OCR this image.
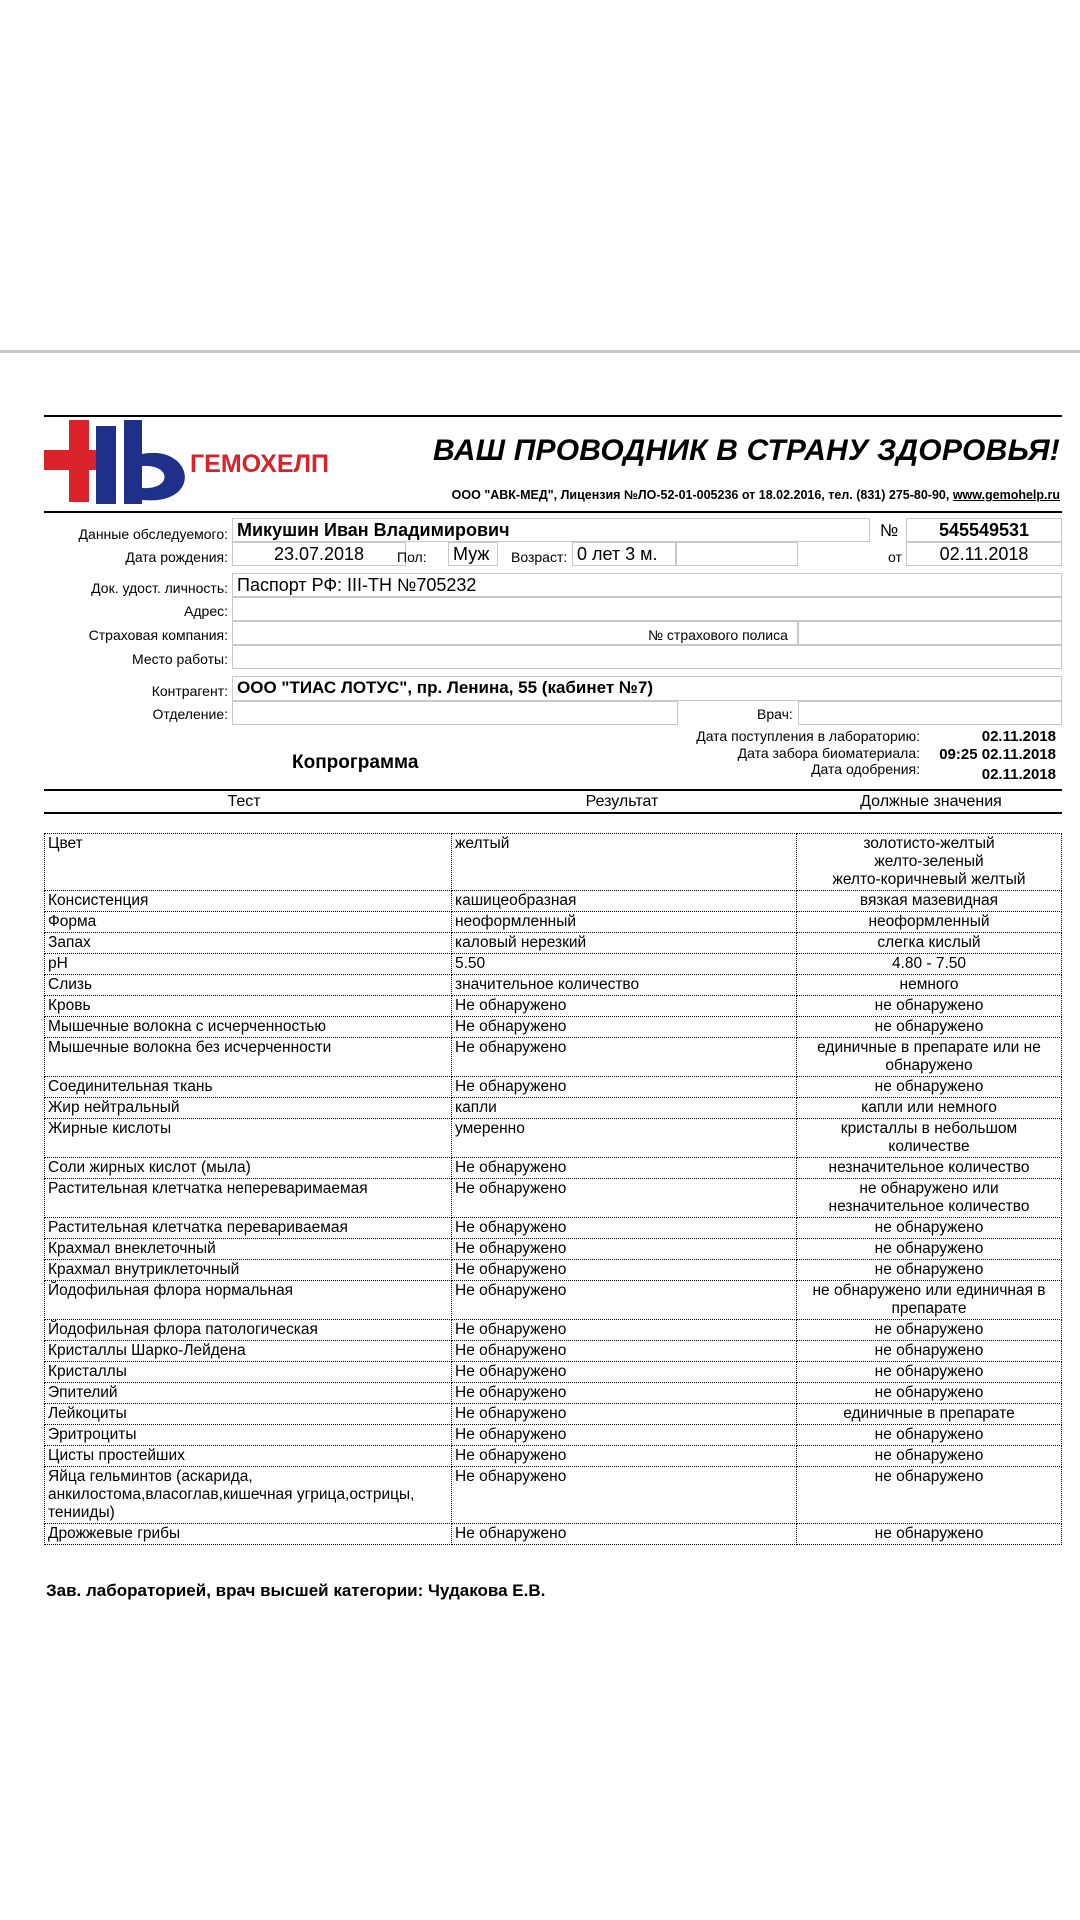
ГЕМОХЕЛП	ВАШ ПРОВОДНИК В СТРАНУ ЗДОРОВЬЯ!
ООО "АВК-МЕД", Лицензия №ЛО-52-01-005236 от 18.02.2016, тел. (831) 275-80-90, www.gemohelp.ru
Данные обследуемого: Микушин Иван Владимирович	№	545549531
Дата рождения:	23.07.2018	Пол: Муж	Возраст: 0 лет 3 м.	от	02.11.2018
Док. удост. личность: Паспорт РФ: III-ТН №705232
Адрес:
Страховая компания:	№ страхового полиса
Место работы:
Контрагент: ООО "ТИАС ЛОТУС", пр. Ленина, 55 (кабинет №7)
Отделение:	Врач:
Дата поступления в лабораторию:	02.11.2018
Дата забора биоматериала: 09:25 02.11.2018
Дата одобрения:	02.11.2018
Копрограмма
Тест	Результат	Должные значения
Цвет	желтый	золотисто-желтый
желто-зеленый
желто-коричневый желтый
Консистенция	кашицеобразная	вязкая мазевидная
Форма	неоформленный	неоформленный
Запах	каловый нерезкий	слегка кислый
pH	5.50	4.80 - 7.50
Слизь	значительное количество	немного
Кровь	Не обнаружено	не обнаружено
Мышечные волокна с исчерченностью	Не обнаружено	не обнаружено
Мышечные волокна без исчерченности	Не обнаружено	единичные в препарате или не обнаружено
Соединительная ткань	Не обнаружено	не обнаружено
Жир нейтральный	капли	капли или немного
Жирные кислоты	умеренно	кристаллы в небольшом количестве
Соли жирных кислот (мыла)	Не обнаружено	незначительное количество
Растительная клетчатка непереваримаемая	Не обнаружено	не обнаружено или незначительное количество
Растительная клетчатка перевариваемая	Не обнаружено	не обнаружено
Крахмал внеклеточный	Не обнаружено	не обнаружено
Крахмал внутриклеточный	Не обнаружено	не обнаружено
Йодофильная флора нормальная	Не обнаружено	не обнаружено или единичная в препарате
Йодофильная флора патологическая	Не обнаружено	не обнаружено
Кристаллы Шарко-Лейдена	Не обнаружено	не обнаружено
Кристаллы	Не обнаружено	не обнаружено
Эпителий	Не обнаружено	не обнаружено
Лейкоциты	Не обнаружено	единичные в препарате
Эритроциты	Не обнаружено	не обнаружено
Цисты простейших	Не обнаружено	не обнаружено
Яйца гельминтов (аскарида, анкилостома,власоглав,кишечная угрица,острицы, тенииды)	Не обнаружено	не обнаружено
Дрожжевые грибы	Не обнаружено	не обнаружено
Зав. лабораторией, врач высшей категории: Чудакова Е.В.
